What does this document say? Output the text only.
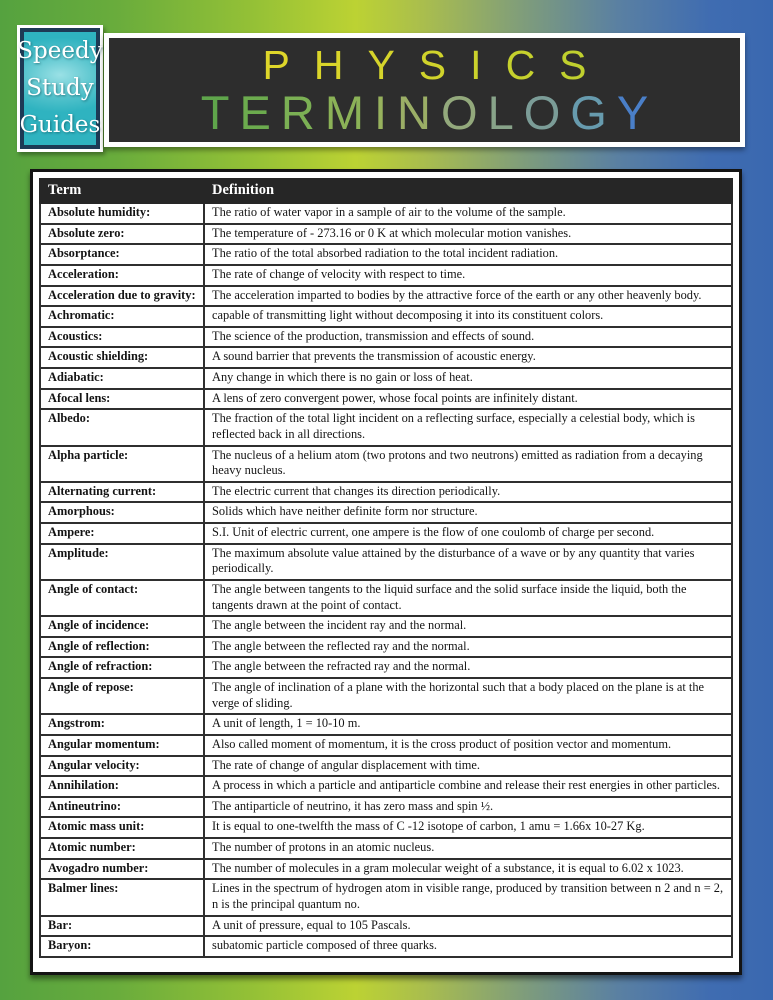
Speedy
Study
Guides
P H Y S I C S
T E R M I N O L O G Y
Term	Definition
Absolute humidity:	The ratio of water vapor in a sample of air to the volume of the sample.
Absolute zero:	The temperature of - 273.16 or 0 K at which molecular motion vanishes.
Absorptance:	The ratio of the total absorbed radiation to the total incident radiation.
Acceleration:	The rate of change of velocity with respect to time.
Acceleration due to gravity:	The acceleration imparted to bodies by the attractive force of the earth or any other heavenly body.
Achromatic:	capable of transmitting light without decomposing it into its constituent colors.
Acoustics:	The science of the production, transmission and effects of sound.
Acoustic shielding:	A sound barrier that prevents the transmission of acoustic energy.
Adiabatic:	Any change in which there is no gain or loss of heat.
Afocal lens:	A lens of zero convergent power, whose focal points are infinitely distant.
Albedo:	The fraction of the total light incident on a reflecting surface, especially a celestial body, which is reflected back in all directions.
Alpha particle:	The nucleus of a helium atom (two protons and two neutrons) emitted as radiation from a decaying heavy nucleus.
Alternating current:	The electric current that changes its direction periodically.
Amorphous:	Solids which have neither definite form nor structure.
Ampere:	S.I. Unit of electric current, one ampere is the flow of one coulomb of charge per second.
Amplitude:	The maximum absolute value attained by the disturbance of a wave or by any quantity that varies periodically.
Angle of contact:	The angle between tangents to the liquid surface and the solid surface inside the liquid, both the tangents drawn at the point of contact.
Angle of incidence:	The angle between the incident ray and the normal.
Angle of reflection:	The angle between the reflected ray and the normal.
Angle of refraction:	The angle between the refracted ray and the normal.
Angle of repose:	The angle of inclination of a plane with the horizontal such that a body placed on the plane is at the verge of sliding.
Angstrom:	A unit of length, 1 = 10-10 m.
Angular momentum:	Also called moment of momentum, it is the cross product of position vector and momentum.
Angular velocity:	The rate of change of angular displacement with time.
Annihilation:	A process in which a particle and antiparticle combine and release their rest energies in other particles.
Antineutrino:	The antiparticle of neutrino, it has zero mass and spin ½.
Atomic mass unit:	It is equal to one-twelfth the mass of C -12 isotope of carbon, 1 amu = 1.66x 10-27 Kg.
Atomic number:	The number of protons in an atomic nucleus.
Avogadro number:	The number of molecules in a gram molecular weight of a substance, it is equal to 6.02 x 1023.
Balmer lines:	Lines in the spectrum of hydrogen atom in visible range, produced by transition between n 2 and n = 2, n is the principal quantum no.
Bar:	A unit of pressure, equal to 105 Pascals.
Baryon:	subatomic particle composed of three quarks.
